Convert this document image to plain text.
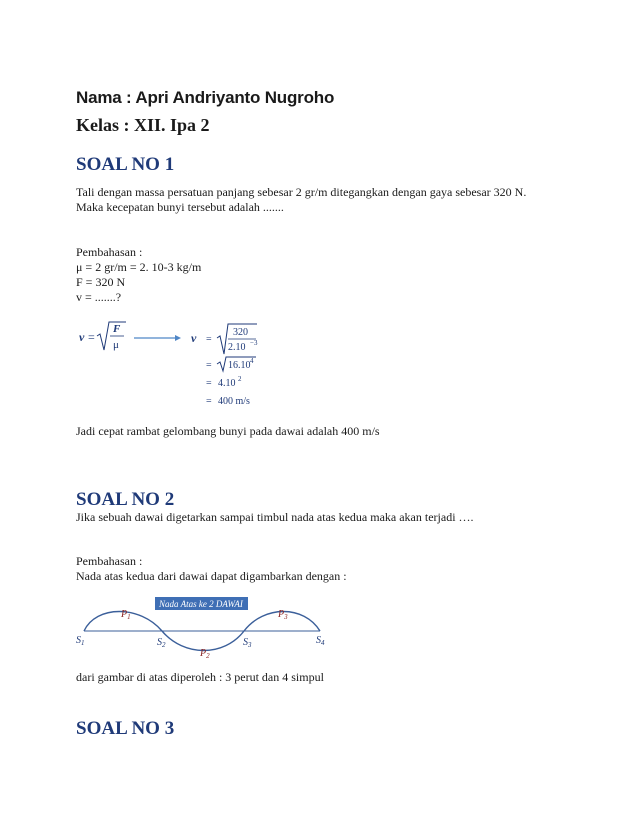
Nama : Apri Andriyanto Nugroho
Kelas : XII. Ipa 2
SOAL NO 1
Tali dengan massa persatuan panjang sebesar 2 gr/m ditegangkan dengan gaya sebesar 320 N.
Maka kecepatan bunyi tersebut adalah .......
Pembahasan :
μ = 2 gr/m = 2. 10-3 kg/m
F = 320 N
v = .......?
v =
F
μ	v =
320
2.10 −3
= 16.10 4
= 4.10 2
= 400 m/s
Jadi cepat rambat gelombang bunyi pada dawai adalah 400 m/s
SOAL NO 2
Jika sebuah dawai digetarkan sampai timbul nada atas kedua maka akan terjadi ….
Pembahasan :
Nada atas kedua dari dawai dapat digambarkan dengan :
Nada Atas ke 2 DAWAI
$P_1$
$P_2$
$P_3$
$S_1$	$S_2$	$S_3$	$S_4$
dari gambar di atas diperoleh : 3 perut dan 4 simpul
SOAL NO 3
